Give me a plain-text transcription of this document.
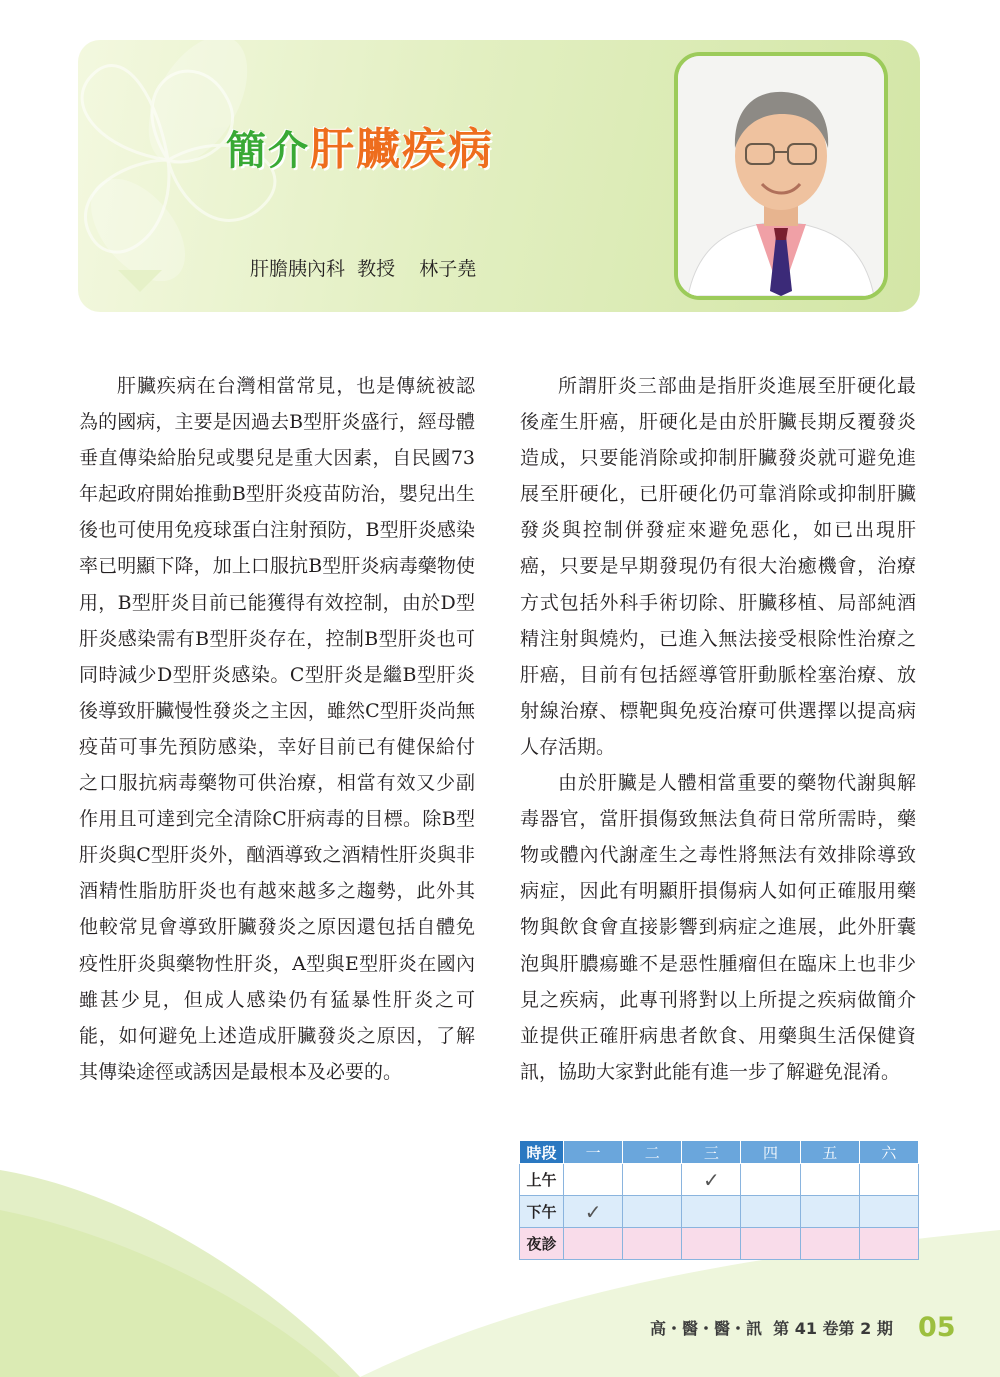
簡介肝臟疾病
肝膽胰內科  教授    林子堯

肝臟疾病在台灣相當常見，也是傳統被認為的國病，主要是因過去B型肝炎盛行，經母體垂直傳染給胎兒或嬰兒是重大因素，自民國73年起政府開始推動B型肝炎疫苗防治，嬰兒出生後也可使用免疫球蛋白注射預防，B型肝炎感染率已明顯下降，加上口服抗B型肝炎病毒藥物使用，B型肝炎目前已能獲得有效控制，由於D型肝炎感染需有B型肝炎存在，控制B型肝炎也可同時減少D型肝炎感染。C型肝炎是繼B型肝炎後導致肝臟慢性發炎之主因，雖然C型肝炎尚無疫苗可事先預防感染，幸好目前已有健保給付之口服抗病毒藥物可供治療，相當有效又少副作用且可達到完全清除C肝病毒的目標。除B型肝炎與C型肝炎外，酗酒導致之酒精性肝炎與非酒精性脂肪肝炎也有越來越多之趨勢，此外其他較常見會導致肝臟發炎之原因還包括自體免疫性肝炎與藥物性肝炎，A型與E型肝炎在國內雖甚少見，但成人感染仍有猛暴性肝炎之可能，如何避免上述造成肝臟發炎之原因，了解其傳染途徑或誘因是最根本及必要的。

所謂肝炎三部曲是指肝炎進展至肝硬化最後產生肝癌，肝硬化是由於肝臟長期反覆發炎造成，只要能消除或抑制肝臟發炎就可避免進展至肝硬化，已肝硬化仍可靠消除或抑制肝臟發炎與控制併發症來避免惡化，如已出現肝癌，只要是早期發現仍有很大治癒機會，治療方式包括外科手術切除、肝臟移植、局部純酒精注射與燒灼，已進入無法接受根除性治療之肝癌，目前有包括經導管肝動脈栓塞治療、放射線治療、標靶與免疫治療可供選擇以提高病人存活期。

由於肝臟是人體相當重要的藥物代謝與解毒器官，當肝損傷致無法負荷日常所需時，藥物或體內代謝產生之毒性將無法有效排除導致病症，因此有明顯肝損傷病人如何正確服用藥物與飲食會直接影響到病症之進展，此外肝囊泡與肝膿瘍雖不是惡性腫瘤但在臨床上也非少見之疾病，此專刊將對以上所提之疾病做簡介並提供正確肝病患者飲食、用藥與生活保健資訊，協助大家對此能有進一步了解避免混淆。

時段	一	二	三	四	五	六
上午			✓			
下午	✓					
夜診						
高・醫・醫・訊  第 41 卷第 2 期 05
